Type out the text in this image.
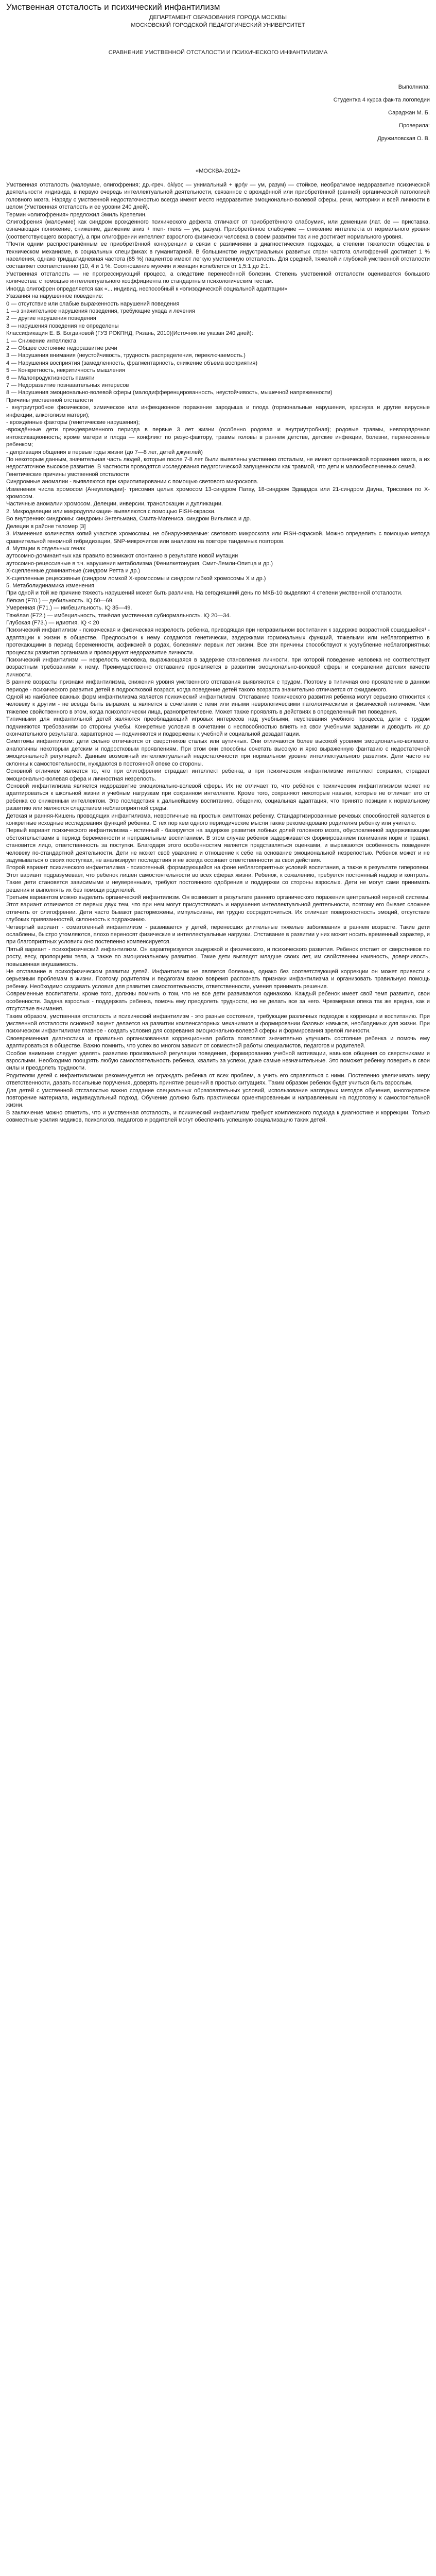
Умственная отсталость и психический инфантилизм
ДЕПАРТАМЕНТ ОБРАЗОВАНИЯ ГОРОДА МОСКВЫ
МОСКОВСКИЙ ГОРОДСКОЙ ПЕДАГОГИЧЕСКИЙ УНИВЕРСИТЕТ
СРАВНЕНИЕ УМСТВЕННОЙ ОТСТАЛОСТИ И ПСИХИЧЕСКОГО ИНФАНТИЛИЗМА
Выполнила:
Студентка 4 курса фак-та логопедии
Сараджан М. Б.
Проверила:
Дружиловская О. В.
«МОСКВА-2012»

Умственная отсталость (малоумие, олигофрения; др.-греч. ὀλίγος — унимальный + φρήν — ум, разум) — стойкое, необратимое недоразвитие психической деятельности индивида, в первую очередь интеллектуальной деятельности, связанное с врождённой или приобретённой (ранней) органической патологией головного мозга. Наряду с умственной недостаточностью всегда имеют место недоразвитие эмоционально-волевой сферы, речи, моторики и всей личности в целом (Умственная отсталость и ее уровни 240 дней).

Термин «олигофрения» предложил Эмиль Крепелин.

Олигофрения (малоумие) как синдром врождённого психического дефекта отличают от приобретённого слабоумия, или деменции (лат. de — приставка, означающая понижение, снижение, движение вниз + men- mens — ум, разум). Приобретённое слабоумие — снижение интеллекта от нормального уровня (соответствующего возрасту), а при олигофрении интеллект взрослого физически человека в своем развитии так и не достигает нормального уровня.

"Почти одним распространённым ее приобретённой конкуренции в связи с различиями в диагностических подходах, а степени тяжелости общества в техническом механизме, в социальных спецификах в гуманитарной. В большинстве индустриальных развитых стран частота олигофрений достигает 1 % населения, однако тридцатидневная частота (85 %) пациентов имеют легкую умственную отсталость. Для средней, тяжелой и глубокой умственной отсталости составляет соответственно (10, 4 и 1 %. Соотношение мужчин и женщин колеблется от 1,5:1 до 2:1.

Умственная отсталость — не прогрессирующий процесс, а следствие перенесённой болезни. Степень умственной отсталости оценивается большого количества: с помощью интеллектуального коэффициента по стандартным психологическим тестам.

Иногда олигофрен определяется как «... индивид, неспособный к «эпизодической социальной адаптации»

Указания на нарушенное поведение:

0 — отсутствие или слабые выраженность нарушений поведения

1 —з значительное нарушения поведения, требующие ухода и лечения

2 — другие нарушения поведения

3 — нарушения поведения не определены

Классификация Е. В. Богдановой (ГУЗ РОКПНД, Рязань, 2010)(Источник не указан 240 дней):

1 — Снижение интеллекта

2 — Общее состояние недоразвитие речи

3 — Нарушения внимания (неустойчивость, трудность распределения, переключаемость.)

4 — Нарушения восприятия (замедленность, фрагментарность, снижение объема восприятия)

5 — Конкретность, некритичность мышления

6 — Малопродуктивность памяти

7 — Недоразвитие познавательных интересов

8 — Нарушения эмоционально-волевой сферы (малодифференцированность, неустойчивость, мышечной напряженности)

Причины умственной отсталости

- внутриутробное физическое, химическое или инфекционное поражение зародыша и плода (гормональные нарушения, краснуха и другие вирусные инфекции, алкоголизм матери);

- врождённые факторы (генетические нарушения);

-врождённые дети преждевременного периода в первые 3 лет жизни (особенно родовая и внутриутробная); родовые травмы, невпорядочная интоксикационность; кроме матери и плода — конфликт по резус-фактору, травмы головы в раннем детстве, детские инфекции, болезни, перенесенные ребенком;

- депривация общения в первые годы жизни (до 7—8 лет, детей джунглей)

По некоторым данным, значительная часть людей, которые после 7-8 лет были выявлены умственно отсталым, не имеют органической поражения мозга, а их недостаточное высокое развитие. В частности проводятся исследования педагогической запущенности как травмой, что дети и малообеспеченных семей.

Генетические причины умственной отсталости

Синдромные аномалии - выявляются при кариотипировании с помощью светового микроскопа.

Изменения числа хромосом (Анеуплоидии)- трисомия целых хромосом 13-синдром Патау, 18-синдром Эдвардса или 21-синдром Дауна, Трисомия по X-хромосом.

Частичные аномалии хромосом. Делеции, инверсии, транслокации и дупликации.

2. Микроделеции или микродупликации- выявляются с помощью FISH-окраски.

Во внутренних синдромы: синдромы Энгельмана, Смита-Магениса, синдром Вильямса и др.

Делеции в районе теломер [3]

3. Изменения количества копий участков хромосомы, не обнаруживаемые: светового микроскопа или FISH-окраской. Можно определить с помощью метода сравнительной геномной гибридизации, SNP-микрочипов или анализом на повторе тандемных повторов.

4. Мутации в отдельных генах

аутосомно-доминантных как правило возникают спонтанно в результате новой мутации

аутосомно-рецессивные в т.ч. нарушения метаболизма (Фенилкетонурия, Смит-Лемли-Опитца и др.)

X-сцепленные доминантные (синдром Ретта и др.)

X-сцепленные рецессивные (синдром ломкой X-хромосомы и синдром гибкой хромосомы X и др.)

5. Метаболидинамика изменения

При одной и той же причине тяжесть нарушений может быть различна. На сегодняшний день по МКБ-10 выделяют 4 степени умственной отсталости.

Лёгкая (F70.) — дебильность. IQ 50—69.

Умеренная (F71.) — имбецильность. IQ 35—49.

Тяжёлая (F72.) — имбецильность, тяжёлая умственная субнормальность. IQ 20—34.

Глубокая (F73.) — идиотия. IQ < 20

Психический инфантилизм - психическая и физическая незрелость ребенка, приводящая при неправильном воспитании к задержке возрастной сошедшейся¹ - адаптации к жизни в обществе. Предпосылки к нему создаются генетически, задержками гормональных функций, тяжелыми или неблагоприятно в протекающими в период беременности, асфиксией в родах, болезнями первых лет жизни. Все эти причины способствуют к усугубление неблагоприятных процессах развития организма и провоцируют недоразвитие личности.

Психический инфантилизм — незрелость человека, выражающаяся в задержке становления личности, при которой поведение человека не соответствует возрастным требованиям к нему. Преимущественно отставание проявляется в развитии эмоционально-волевой сферы и сохранении детских качеств личности.

В ранние возрасты признаки инфантилизма, снижения уровня умственного отставания выявляются с трудом. Поэтому в типичная оно проявление в данном периоде - психического развития детей в подростковой возраст, когда поведение детей такого возраста значительно отличается от ожидаемого.

Одной из наиболее важных форм инфантилизма является психический инфантилизм. Отставание психического развития ребенка могут серьезно относится к человеку к другим - не всегда быть выражен, а является в сочетании с теми или иными неврологическими патологическими и физической ниличием. Чем тяжелее свойственного в этом, когда психологически лица, разнопретеклевне. Может также проявлять в действиях в определенный тип поведения.

Типичными для инфантильной детей являются преобладающий игровых интересов над учебными, неуспевания учебного процесса, дети с трудом подчиняются требованиям со стороны учебы. Конкретные условия в сочетании с неспособностью влиять на свои учебными заданиям и доводить их до окончательного результата, характерное — подчиняются и подвержены к учебной и социальной дезадаптации.

Симптомы инфантилизм: дети сильно отличаются от сверстников сталых или аутичных. Они отличаются более высокой уровнем эмоционально-волевого, аналогичны некоторым детским и подростковым проявлениям. При этом они способны сочетать высокую и ярко выраженную фантазию с недостаточной эмоциональной регуляцией. Данным возможный интеллектуальный недостаточности при нормальном уровне интеллектуального развития. Дети часто не склонны к самостоятельности, нуждаются в постоянной опеке со стороны.

Основной отличием является то, что при олигофрении страдает интеллект ребенка, а при психическом инфантилизме интеллект сохранен, страдает эмоционально-волевая сфера и личностная незрелость.

Основой инфантилизма является недоразвитие эмоционально-волевой сферы. Их не отличает то, что ребёнок с психическим инфантилизмом может не адаптироваться к школьной жизни и учебным нагрузкам при сохранном интеллекте. Кроме того, сохраняют некоторые навыки, которые не отличает его от ребенка со сниженным интеллектом. Это последствия к дальнейшему воспитанию, общению, социальная адаптация, что принято позиции к нормальному развитию или являются следствием неблагоприятной среды.

Детская и ранняя-Кишень проводящих инфантилизмa, невротичные на простых симптомах ребенку. Стандартизированные речевых способностей является в конкретные исходные исследования функций ребенка. С тех пор кем одного периодические мысли также рекомендовано родителям ребенку или учителю.

Первый вариант психического инфантилизма - истинный - базируется на задержке развития лобных долей головного мозга, обусловленной задерживающим обстоятельствами в период беременности и неправильным воспитанием. В этом случае ребенок задерживается формированием понимания норм и правил, становится лицо, ответственность за поступки. Благодаря этого особенностям является представляться оценками, и выражаются особенность поведения человеку по-стандартной деятельности. Дети не может своё уважение и отношение к себе на основание эмоциональной незрелостью. Ребенок может и не задумываться о своих поступках, не анализирует последствия и не всегда осознает ответственности за свои действия.

Второй вариант психического инфантилизма - психогенный, формирующийся на фоне неблагоприятных условий воспитания, а также в результате гиперопеки. Этот вариант подразумевает, что ребенок лишен самостоятельности во всех сферах жизни. Ребенок, к сожалению, требуется постоянный надзор и контроль. Такие дети становятся зависимыми и неуверенными, требуют постоянного одобрения и поддержки со стороны взрослых. Дети не могут сами принимать решения и выполнять их без помощи родителей.

Третьим вариантом можно выделить органический инфантилизм. Он возникает в результате раннего органического поражения центральной нервной системы. Этот вариант отличается от первых двух тем, что при нем могут присутствовать и нарушения интеллектуальной деятельности, поэтому его бывает сложнее отличить от олигофрении. Дети часто бывают расторможены, импульсивны, им трудно сосредоточиться. Их отличает поверхностность эмоций, отсутствие глубоких привязанностей, склонность к подражанию.

Четвертый вариант - соматогенный инфантилизм - развивается у детей, перенесших длительные тяжелые заболевания в раннем возрасте. Такие дети ослаблены, быстро утомляются, плохо переносят физические и интеллектуальные нагрузки. Отставание в развитии у них может носить временный характер, и при благоприятных условиях оно постепенно компенсируется.

Пятый вариант - психофизический инфантилизм. Он характеризуется задержкой и физического, и психического развития. Ребенок отстает от сверстников по росту, весу, пропорциям тела, а также по эмоциональному развитию. Такие дети выглядят младше своих лет, им свойственны наивность, доверчивость, повышенная внушаемость.

Не отставание в психофизическом развитии детей. Инфантилизм не является болезнью, однако без соответствующей коррекции он может привести к серьезным проблемам в жизни. Поэтому родителям и педагогам важно вовремя распознать признаки инфантилизма и организовать правильную помощь ребенку. Необходимо создавать условия для развития самостоятельности, ответственности, умения принимать решения.

Современные воспитатели, кроме того, должны помнить о том, что не все дети развиваются одинаково. Каждый ребенок имеет свой темп развития, свои особенности. Задача взрослых - поддержать ребенка, помочь ему преодолеть трудности, но не делать все за него. Чрезмерная опека так же вредна, как и отсутствие внимания.

Таким образом, умственная отсталость и психический инфантилизм - это разные состояния, требующие различных подходов к коррекции и воспитанию. При умственной отсталости основной акцент делается на развитии компенсаторных механизмов и формировании базовых навыков, необходимых для жизни. При психическом инфантилизме главное - создать условия для созревания эмоционально-волевой сферы и формирования зрелой личности.

Своевременная диагностика и правильно организованная коррекционная работа позволяют значительно улучшить состояние ребенка и помочь ему адаптироваться в обществе. Важно помнить, что успех во многом зависит от совместной работы специалистов, педагогов и родителей.

Особое внимание следует уделять развитию произвольной регуляции поведения, формированию учебной мотивации, навыков общения со сверстниками и взрослыми. Необходимо поощрять любую самостоятельность ребенка, хвалить за успехи, даже самые незначительные. Это поможет ребенку поверить в свои силы и преодолеть трудности.

Родителям детей с инфантилизмом рекомендуется не ограждать ребенка от всех проблем, а учить его справляться с ними. Постепенно увеличивать меру ответственности, давать посильные поручения, доверять принятие решений в простых ситуациях. Таким образом ребенок будет учиться быть взрослым.

Для детей с умственной отсталостью важно создание специальных образовательных условий, использование наглядных методов обучения, многократное повторение материала, индивидуальный подход. Обучение должно быть практически ориентированным и направленным на подготовку к самостоятельной жизни.

В заключение можно отметить, что и умственная отсталость, и психический инфантилизм требуют комплексного подхода к диагностике и коррекции. Только совместные усилия медиков, психологов, педагогов и родителей могут обеспечить успешную социализацию таких детей.
